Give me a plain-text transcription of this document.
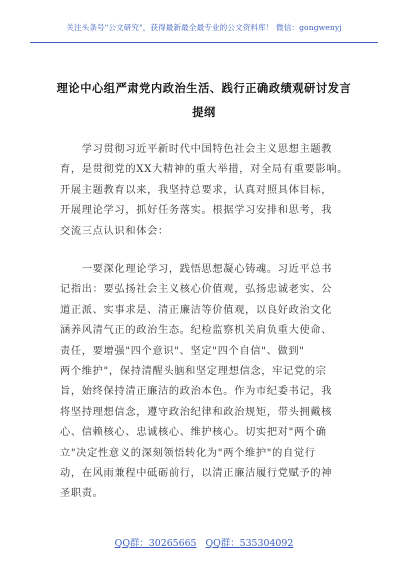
关注头条号"公文研究"，获得最新最全最专业的公文资料库！ 微信：gongwenyj
理论中心组严肃党内政治生活、践行正确政绩观研讨发言
提纲
　　学习贯彻习近平新时代中国特色社会主义思想主题教
育，是贯彻党的XX大精神的重大举措，对全局有重要影响。
开展主题教育以来，我坚持总要求，认真对照具体目标，
开展理论学习，抓好任务落实。根据学习安排和思考，我
交流三点认识和体会：
　　一要深化理论学习，践悟思想凝心铸魂。习近平总书
记指出：要弘扬社会主义核心价值观，弘扬忠诚老实、公
道正派、实事求是、清正廉洁等价值观，以良好政治文化
涵养风清气正的政治生态。纪检监察机关肩负重大使命、
责任，要增强"四个意识"、坚定"四个自信"、做到"
两个维护"，保持清醒头脑和坚定理想信念，牢记党的宗
旨，始终保持清正廉洁的政治本色。作为市纪委书记，我
将坚持理想信念，遵守政治纪律和政治规矩，带头拥戴核
心、信赖核心、忠诚核心、维护核心。切实把对"两个确
立"决定性意义的深刻领悟转化为"两个维护"的自觉行
动，在风雨兼程中砥砺前行，以清正廉洁履行党赋予的神
圣职责。
QQ群：30265665 QQ群：535304092
